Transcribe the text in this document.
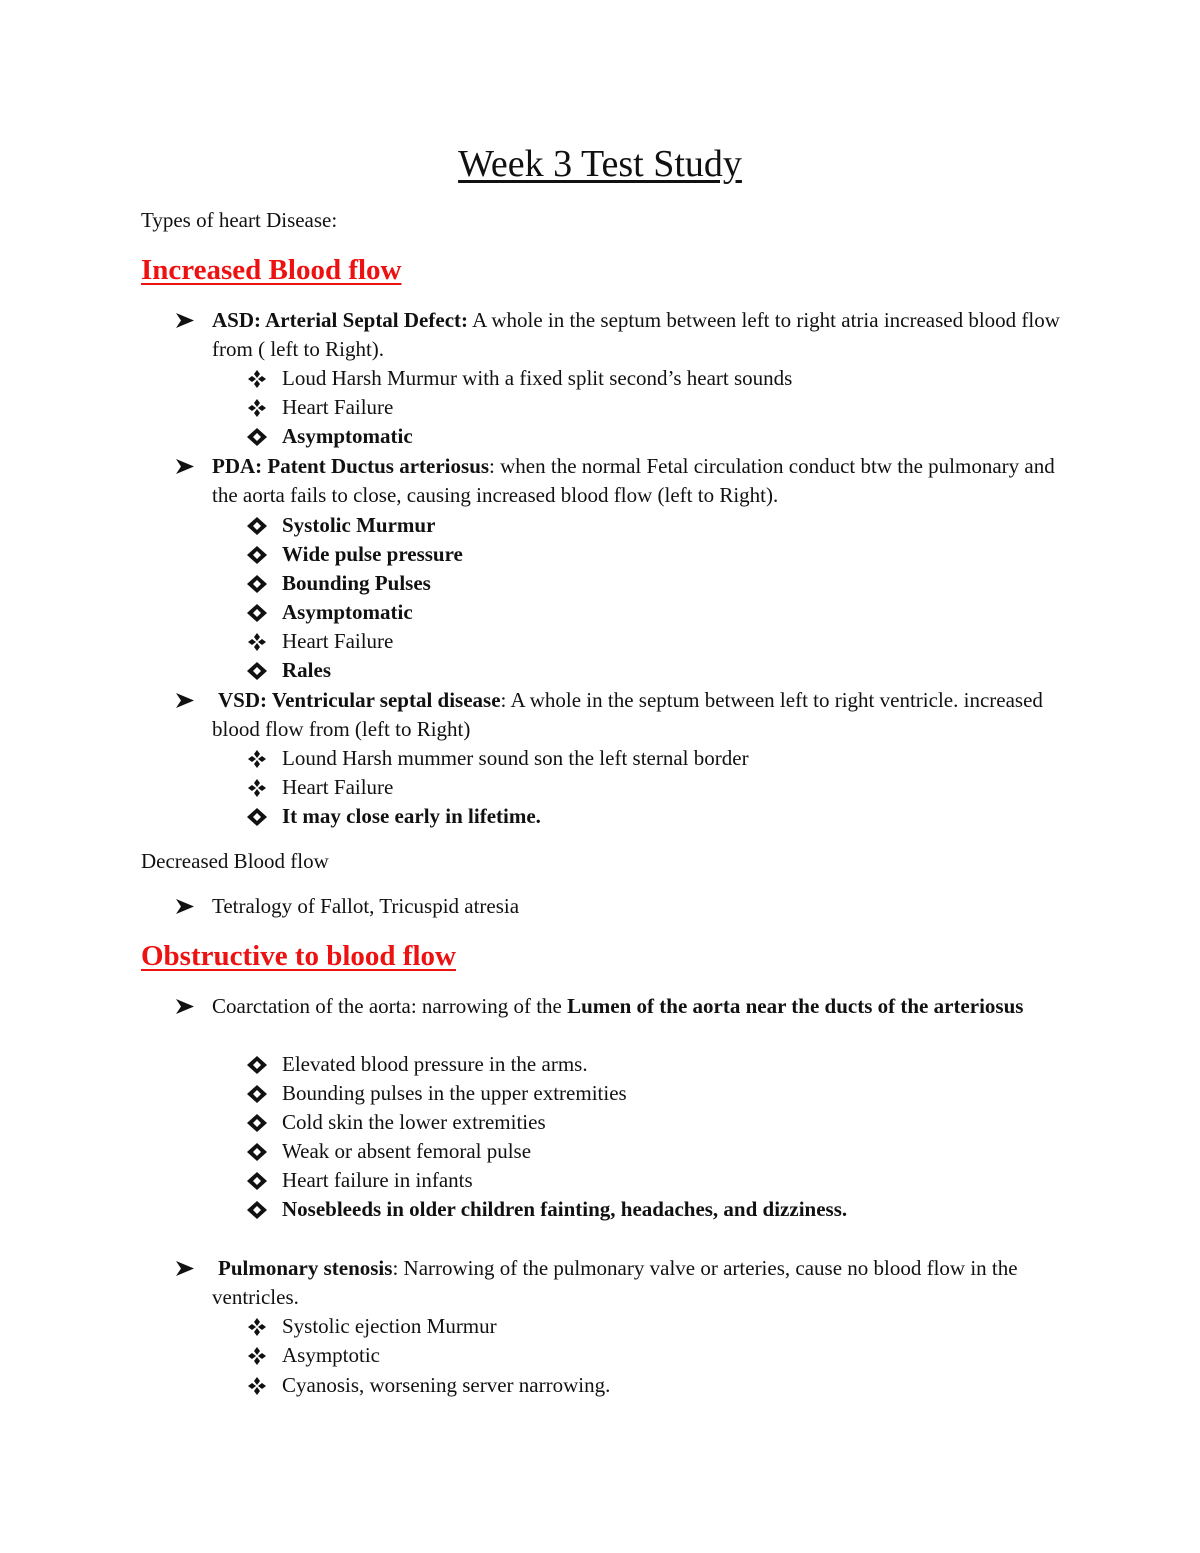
Week 3 Test Study
Types of heart Disease:
Increased Blood flow
ASD: Arterial Septal Defect: A whole in the septum between left to right atria increased blood flow from ( left to Right).
Loud Harsh Murmur with a fixed split second’s heart sounds
Heart Failure
Asymptomatic
PDA: Patent Ductus arteriosus: when the normal Fetal circulation conduct btw the pulmonary and the aorta fails to close, causing increased blood flow (left to Right).
Systolic Murmur
Wide pulse pressure
Bounding Pulses
Asymptomatic
Heart Failure
Rales
VSD: Ventricular septal disease: A whole in the septum between left to right ventricle. increased blood flow from (left to Right)
Lound Harsh mummer sound son the left sternal border
Heart Failure
It may close early in lifetime.
Decreased Blood flow
Tetralogy of Fallot, Tricuspid atresia
Obstructive to blood flow
Coarctation of the aorta: narrowing of the Lumen of the aorta near the ducts of the arteriosus
Elevated blood pressure in the arms.
Bounding pulses in the upper extremities
Cold skin the lower extremities
Weak or absent femoral pulse
Heart failure in infants
Nosebleeds in older children fainting, headaches, and dizziness.
Pulmonary stenosis: Narrowing of the pulmonary valve or arteries, cause no blood flow in the ventricles.
Systolic ejection Murmur
Asymptotic
Cyanosis, worsening server narrowing.
